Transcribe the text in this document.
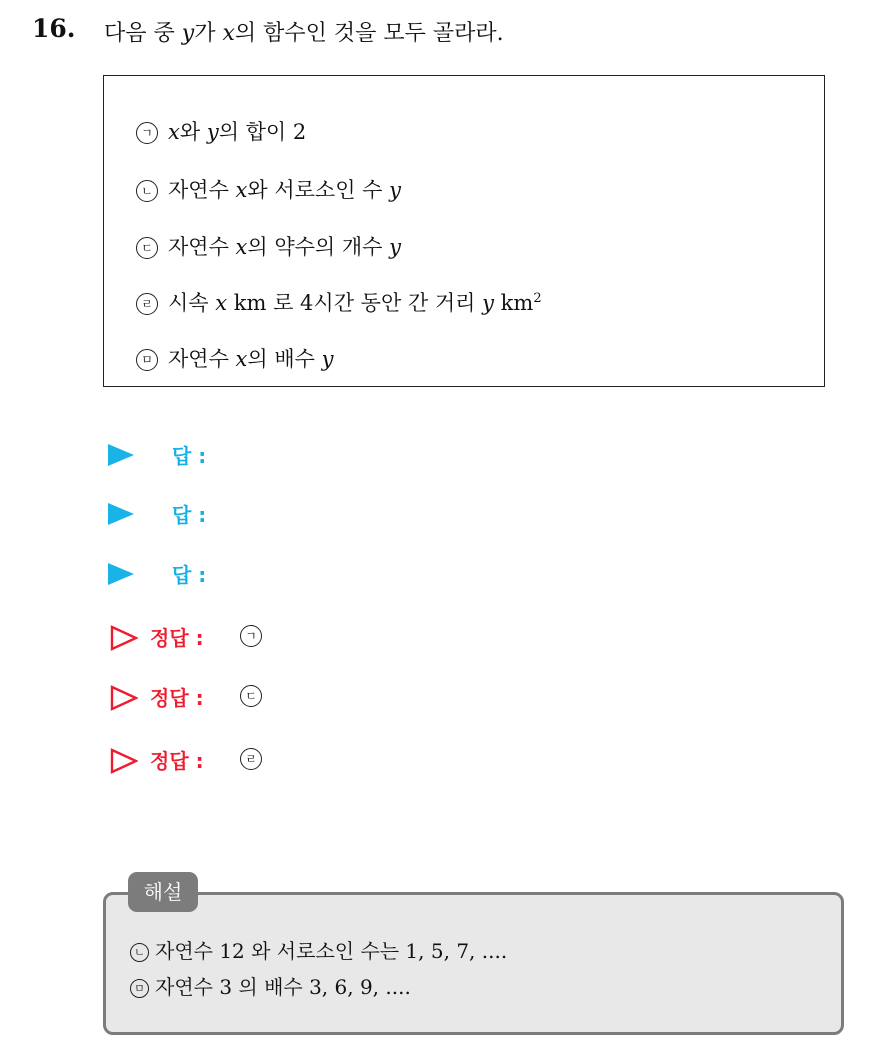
16. 다음 중 y가 x의 함수인 것을 모두 골라라.
ㄱ x와 y의 합이 2
ㄴ 자연수 x와 서로소인 수 y
ㄷ 자연수 x의 약수의 개수 y
ㄹ 시속 x km 로 4시간 동안 간 거리 y $km^2$
ㅁ 자연수 x의 배수 y
답 :
답 :
답 :
정답 :	ㄱ
정답 :	ㄷ
정답 :	ㄹ
해설
ㄴ 자연수 12 와 서로소인 수는 1, 5, 7, ....
ㅁ 자연수 3 의 배수 3, 6, 9, ....
